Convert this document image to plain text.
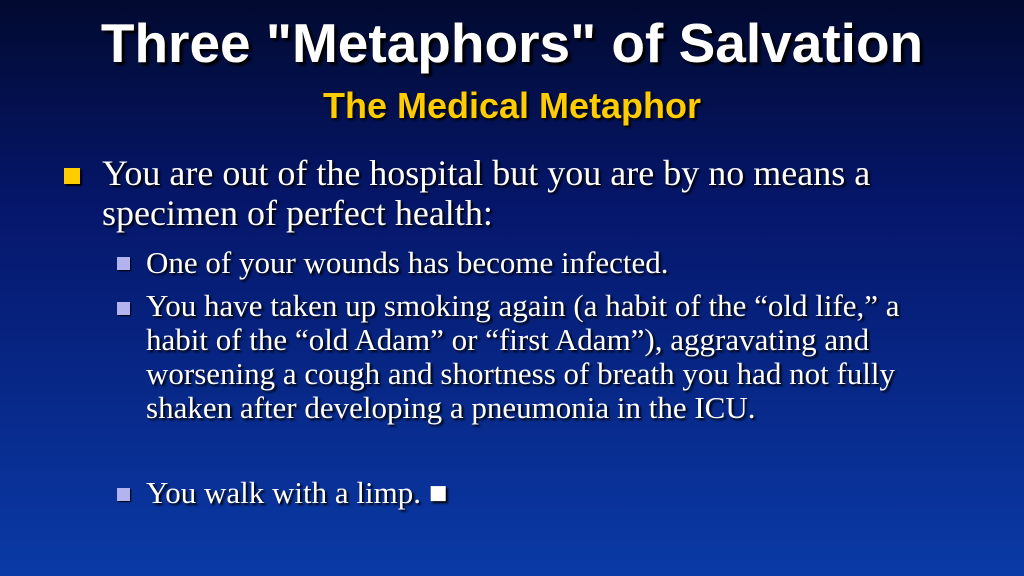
Three "Metaphors" of Salvation
The Medical Metaphor
You are out of the hospital but you are by no means a specimen of perfect health:
One of your wounds has become infected.
You have taken up smoking again (a habit of the “old life,” a habit of the “old Adam” or “first Adam”), aggravating and worsening a cough and shortness of breath you had not fully shaken after developing a pneumonia in the ICU.
You walk with a limp. ■
